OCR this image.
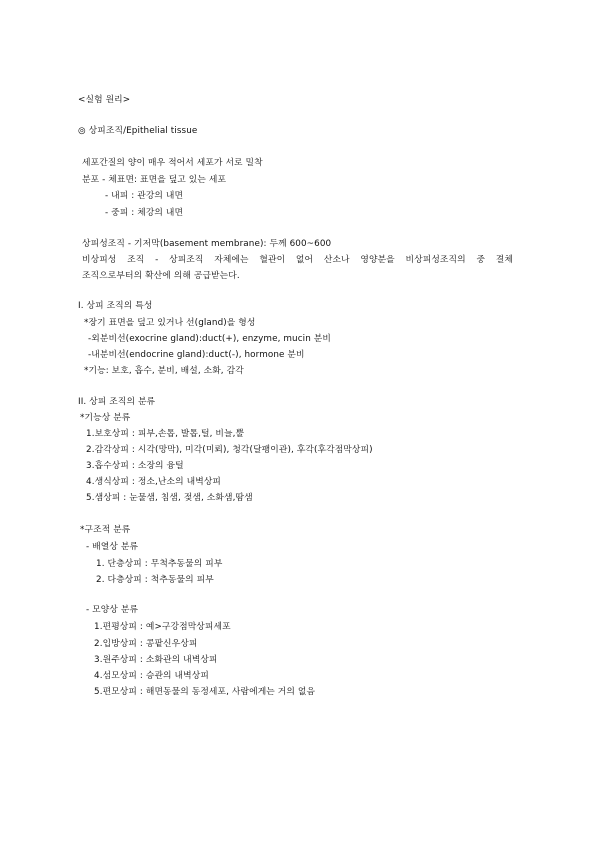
<실험 원리>
◎ 상피조직/Epithelial tissue
세포간질의 양이 매우 적어서 세포가 서로 밀착
분포 - 체표면: 표면을 덮고 있는 세포
- 내피 : 관강의 내면
- 중피 : 체강의 내면
상피성조직 - 기저막(basement membrane): 두께 600~600
비상피성 조직 - 상피조직 자체에는 혈관이 없어 산소나 영양분을 비상피성조직의 중 결체
조직으로부터의 확산에 의해 공급받는다.
I. 상피 조직의 특성
*장기 표면을 덮고 있거나 선(gland)을 형성
-외분비선(exocrine gland):duct(+), enzyme, mucin 분비
-내분비선(endocrine gland):duct(-), hormone 분비
*기능: 보호, 흡수, 분비, 배설, 소화, 감각
II. 상피 조직의 분류
*기능상 분류
1.보호상피 : 피부,손톱, 발톱,털, 비늘,뿔
2.감각상피 : 시각(망막), 미각(미뢰), 청각(달팽이관), 후각(후각점막상피)
3.흡수상피 : 소장의 융털
4.생식상피 : 정소,난소의 내벽상피
5.샘상피 : 눈물샘, 침샘, 젖샘, 소화샘,땀샘
*구조적 분류
- 배열상 분류
1. 단층상피 : 무척추동물의 피부
2. 다층상피 : 척추동물의 피부
- 모양상 분류
1.편평상피 : 예>구강점막상피세포
2.입방상피 : 콩팥신우상피
3.원주상피 : 소화관의 내벽상피
4.섬모상피 : 승관의 내벽상피
5.편모상피 : 해면동물의 동정세포, 사람에게는 거의 없음
